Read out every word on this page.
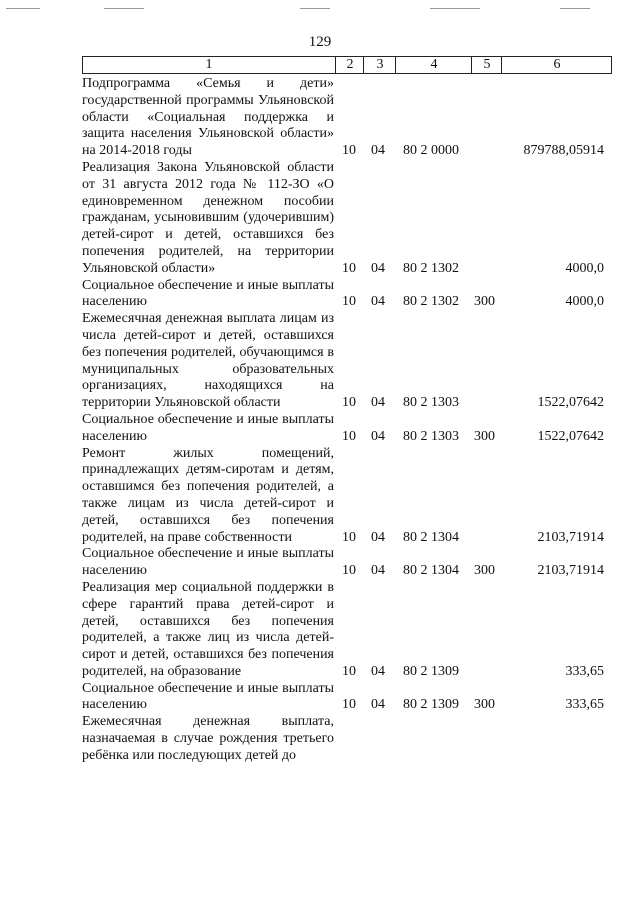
129
1	2	3	4	5	6
Подпрограмма «Семья и дети» государственной программы Ульяновской области «Социальная поддержка и защита населения Ульяновской области» на 2014-2018 годы	10 04 80 2 0000	879788,05914
Реализация Закона Ульяновской области от 31 августа 2012 года № 112-ЗО «О единовременном денежном пособии гражданам, усыновившим (удочерившим) детей-сирот и детей, оставшихся без попечения родителей, на территории Ульяновской области»	10 04 80 2 1302	4000,0
Социальное обеспечение и иные выплаты населению	10 04 80 2 1302 300	4000,0
Ежемесячная денежная выплата лицам из числа детей-сирот и детей, оставшихся без попечения родителей, обучающимся в муниципальных образовательных организациях, находящихся на территории Ульяновской области	10 04 80 2 1303	1522,07642
Социальное обеспечение и иные выплаты населению	10 04 80 2 1303 300	1522,07642
Ремонт жилых помещений, принадлежащих детям-сиротам и детям, оставшимся без попечения родителей, а также лицам из числа детей-сирот и детей, оставшихся без попечения родителей, на праве собственности	10 04 80 2 1304	2103,71914
Социальное обеспечение и иные выплаты населению	10 04 80 2 1304 300	2103,71914
Реализация мер социальной поддержки в сфере гарантий права детей-сирот и детей, оставшихся без попечения родителей, а также лиц из числа детей-сирот и детей, оставшихся без попечения родителей, на образование	10 04 80 2 1309	333,65
Социальное обеспечение и иные выплаты населению	10 04 80 2 1309 300	333,65
Ежемесячная денежная выплата, назначаемая в случае рождения третьего ребёнка или последующих детей до
